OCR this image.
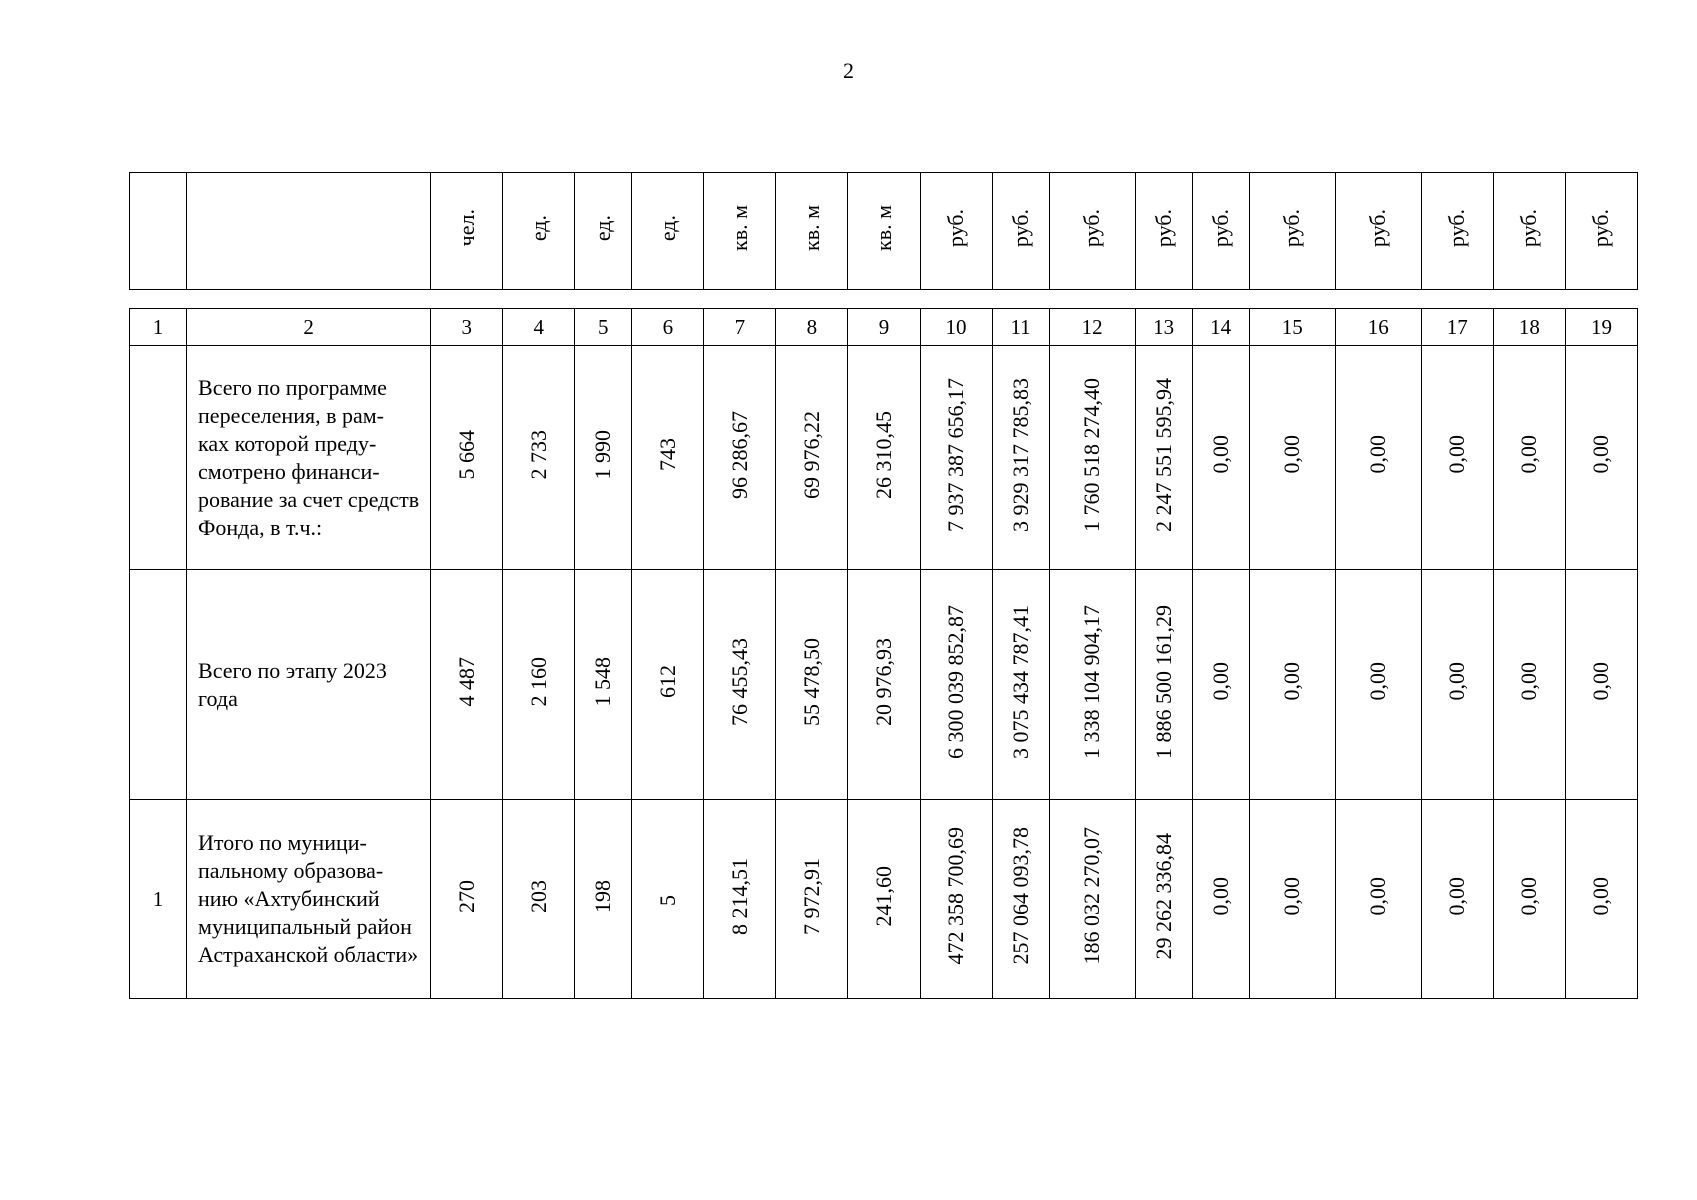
2
		чел.	ед.	ед.	ед.	кв. м	кв. м	кв. м	руб.	руб.	руб.	руб.	руб.	руб.	руб.	руб.	руб.	руб.
1	2	3	4	5	6	7	8	9	10	11	12	13	14	15	16	17	18	19
	Всего по программе переселения, в рам- ках которой преду- смотрено финанси- рование за счет средств Фонда, в т.ч.:	5 664	2 733	1 990	743	96 286,67	69 976,22	26 310,45	7 937 387 656,17	3 929 317 785,83	1 760 518 274,40	2 247 551 595,94	0,00	0,00	0,00	0,00	0,00	0,00
	Всего по этапу 2023 года	4 487	2 160	1 548	612	76 455,43	55 478,50	20 976,93	6 300 039 852,87	3 075 434 787,41	1 338 104 904,17	1 886 500 161,29	0,00	0,00	0,00	0,00	0,00	0,00
1	Итого по муници- пальному образова- нию «Ахтубинский муниципальный район Астраханской области»	270	203	198	5	8 214,51	7 972,91	241,60	472 358 700,69	257 064 093,78	186 032 270,07	29 262 336,84	0,00	0,00	0,00	0,00	0,00	0,00
